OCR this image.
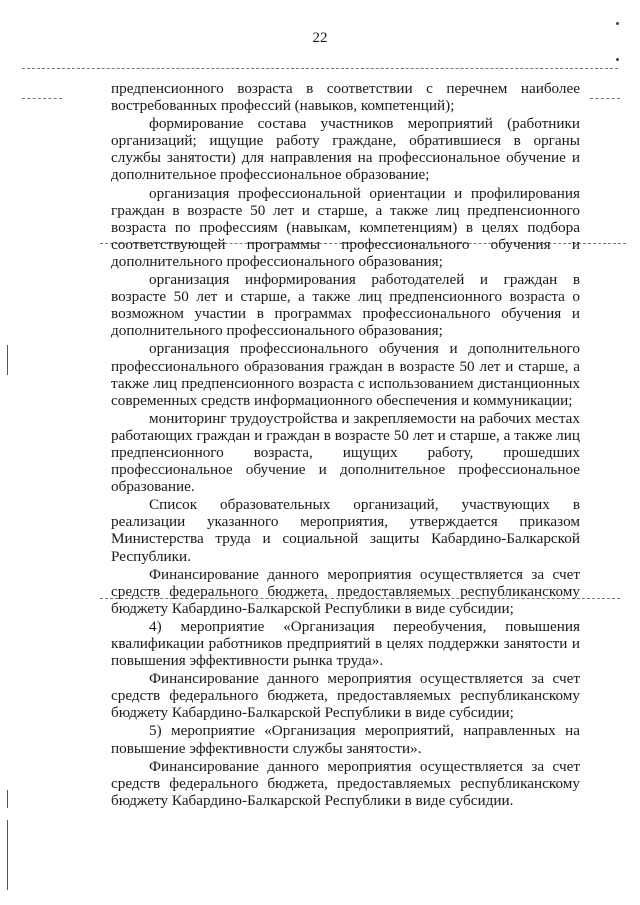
22

предпенсионного возраста в соответствии с перечнем наиболее востребованных профессий (навыков, компетенций);

формирование состава участников мероприятий (работники организаций; ищущие работу граждане, обратившиеся в органы службы занятости) для направления на профессиональное обучение и дополнительное профессиональное образование;

организация профессиональной ориентации и профилирования граждан в возрасте 50 лет и старше, а также лиц предпенсионного возраста по профессиям (навыкам, компетенциям) в целях подбора соответствующей программы профессионального обучения и дополнительного профессионального образования;

организация информирования работодателей и граждан в возрасте 50 лет и старше, а также лиц предпенсионного возраста о возможном участии в программах профессионального обучения и дополнительного профессионального образования;

организация профессионального обучения и дополнительного профессионального образования граждан в возрасте 50 лет и старше, а также лиц предпенсионного возраста с использованием дистанционных современных средств информационного обеспечения и коммуникации;

мониторинг трудоустройства и закрепляемости на рабочих местах работающих граждан и граждан в возрасте 50 лет и старше, а также лиц предпенсионного возраста, ищущих работу, прошедших профессиональное обучение и дополнительное профессиональное образование.

Список образовательных организаций, участвующих в реализации указанного мероприятия, утверждается приказом Министерства труда и социальной защиты Кабардино-Балкарской Республики.

Финансирование данного мероприятия осуществляется за счет средств федерального бюджета, предоставляемых республиканскому бюджету Кабардино-Балкарской Республики в виде субсидии;

4) мероприятие «Организация переобучения, повышения квалификации работников предприятий в целях поддержки занятости и повышения эффективности рынка труда».

Финансирование данного мероприятия осуществляется за счет средств федерального бюджета, предоставляемых республиканскому бюджету Кабардино-Балкарской Республики в виде субсидии;

5) мероприятие «Организация мероприятий, направленных на повышение эффективности службы занятости».

Финансирование данного мероприятия осуществляется за счет средств федерального бюджета, предоставляемых республиканскому бюджету Кабардино-Балкарской Республики в виде субсидии.
